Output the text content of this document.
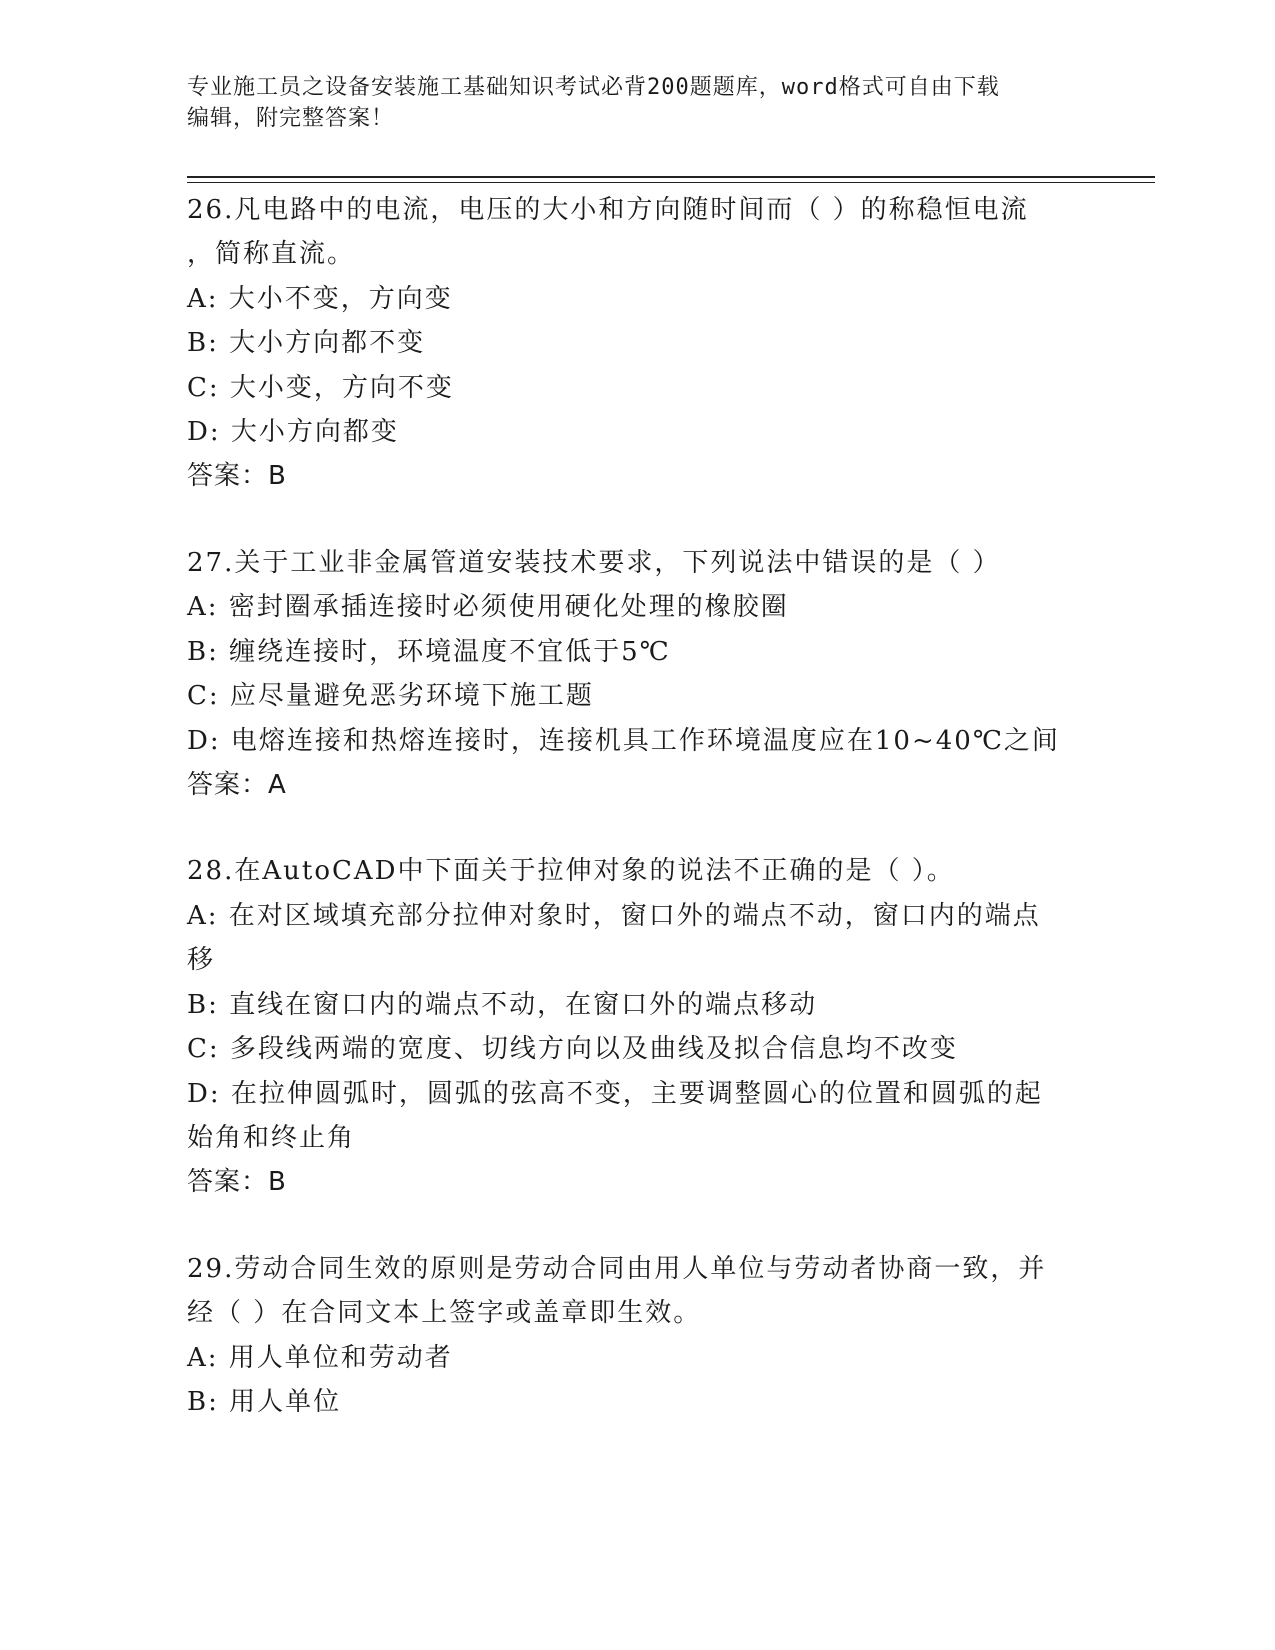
专业施工员之设备安装施工基础知识考试必背200题题库，word格式可自由下载
编辑，附完整答案！
26.凡电路中的电流，电压的大小和方向随时间而（ ）的称稳恒电流
，简称直流。
A: 大小不变，方向变
B: 大小方向都不变
C: 大小变，方向不变
D: 大小方向都变
答案：B
27.关于工业非金属管道安装技术要求，下列说法中错误的是（ ）
A: 密封圈承插连接时必须使用硬化处理的橡胶圈
B: 缠绕连接时，环境温度不宜低于5℃
C: 应尽量避免恶劣环境下施工题
D: 电熔连接和热熔连接时，连接机具工作环境温度应在10~40℃之间
答案：A
28.在AutoCAD中下面关于拉伸对象的说法不正确的是（ ）。
A: 在对区域填充部分拉伸对象时，窗口外的端点不动，窗口内的端点
移
B: 直线在窗口内的端点不动，在窗口外的端点移动
C: 多段线两端的宽度、切线方向以及曲线及拟合信息均不改变
D: 在拉伸圆弧时，圆弧的弦高不变，主要调整圆心的位置和圆弧的起
始角和终止角
答案：B
29.劳动合同生效的原则是劳动合同由用人单位与劳动者协商一致，并
经（ ）在合同文本上签字或盖章即生效。
A: 用人单位和劳动者
B: 用人单位
